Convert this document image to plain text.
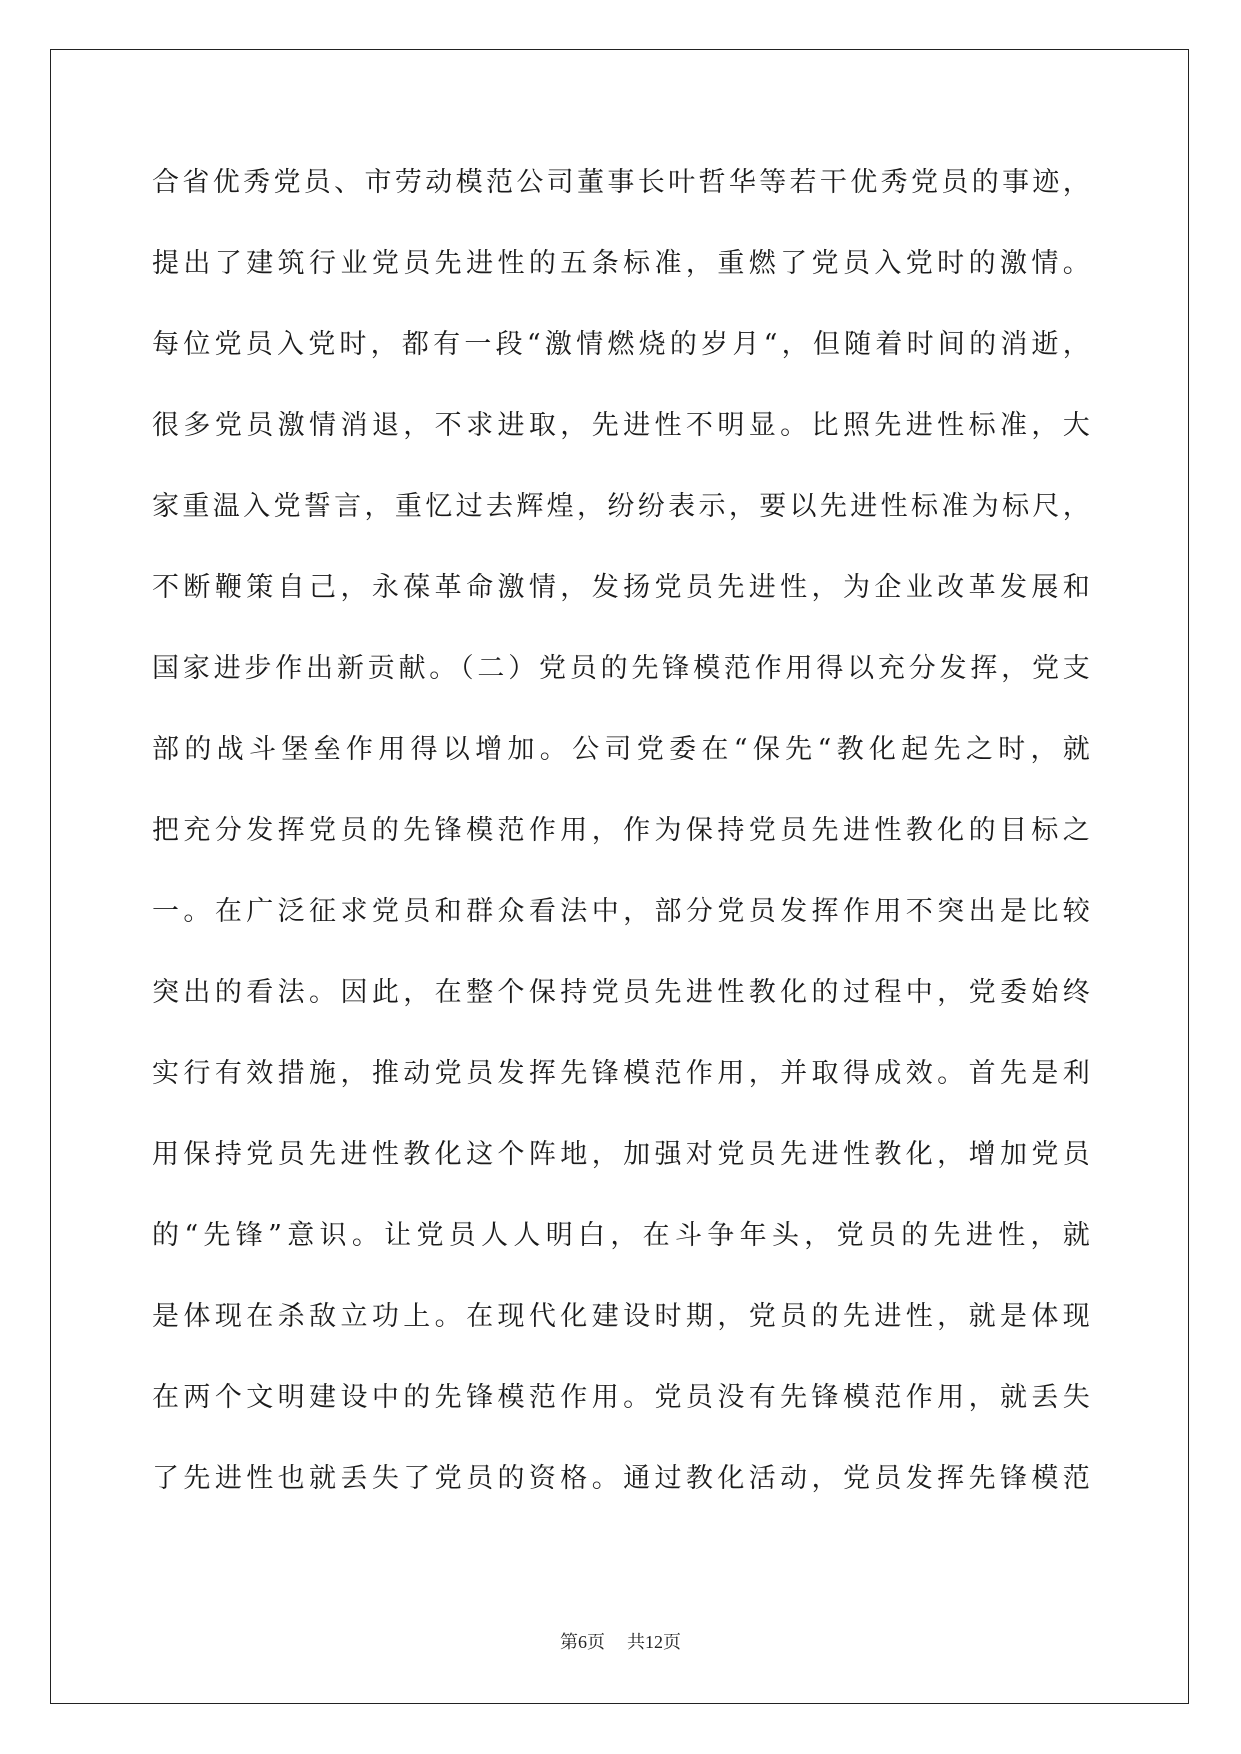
合省优秀党员、市劳动模范公司董事长叶哲华等若干优秀党员的事迹，
提出了建筑行业党员先进性的五条标准，重燃了党员入党时的激情。
每位党员入党时，都有一段“激情燃烧的岁月“，但随着时间的消逝，
很多党员激情消退，不求进取，先进性不明显。比照先进性标准，大
家重温入党誓言，重忆过去辉煌，纷纷表示，要以先进性标准为标尺，
不断鞭策自己，永葆革命激情，发扬党员先进性，为企业改革发展和
国家进步作出新贡献。（二）党员的先锋模范作用得以充分发挥，党支
部的战斗堡垒作用得以增加。公司党委在“保先“教化起先之时，就
把充分发挥党员的先锋模范作用，作为保持党员先进性教化的目标之
一。在广泛征求党员和群众看法中，部分党员发挥作用不突出是比较
突出的看法。因此，在整个保持党员先进性教化的过程中，党委始终
实行有效措施，推动党员发挥先锋模范作用，并取得成效。首先是利
用保持党员先进性教化这个阵地，加强对党员先进性教化，增加党员
的“先锋”意识。让党员人人明白，在斗争年头，党员的先进性，就
是体现在杀敌立功上。在现代化建设时期，党员的先进性，就是体现
在两个文明建设中的先锋模范作用。党员没有先锋模范作用，就丢失
了先进性也就丢失了党员的资格。通过教化活动，党员发挥先锋模范
第6页 共12页
